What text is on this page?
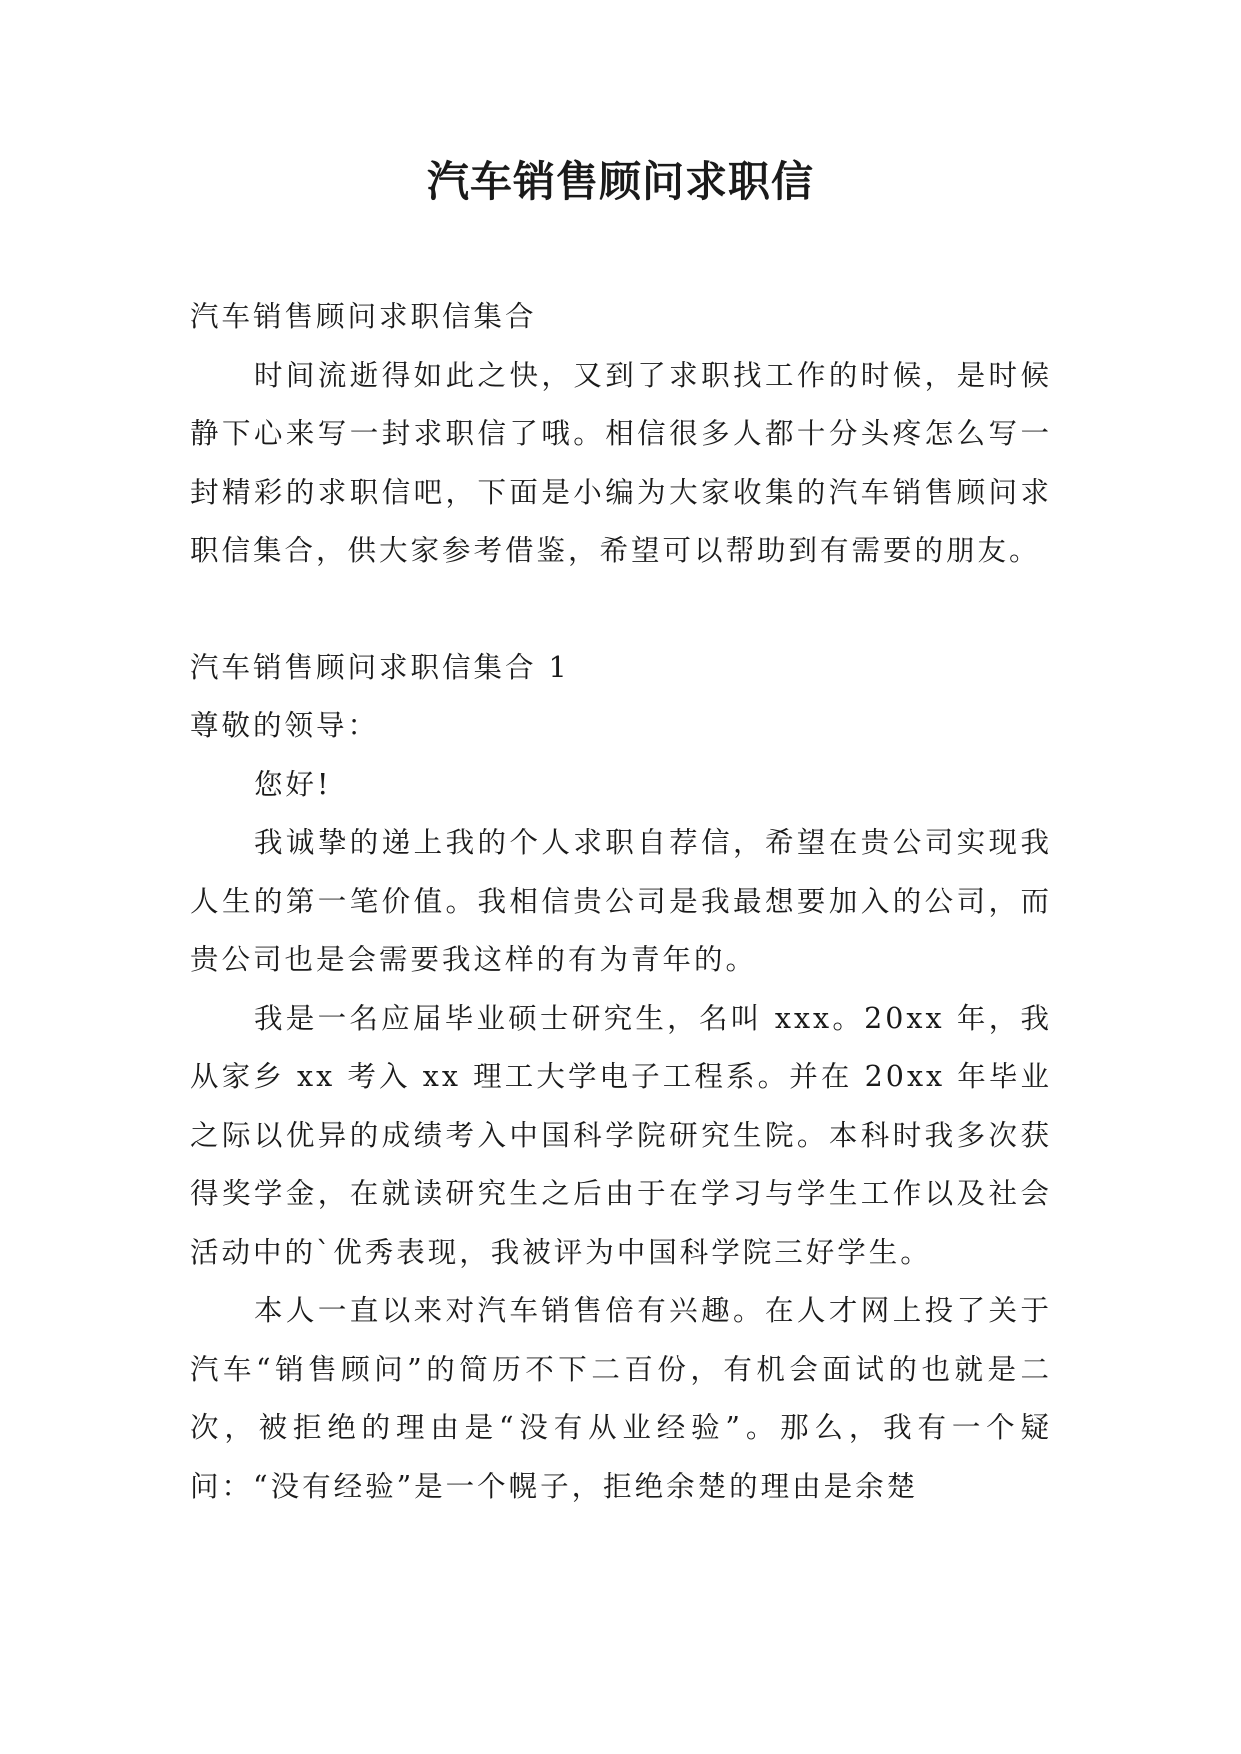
汽车销售顾问求职信

汽车销售顾问求职信集合

时间流逝得如此之快，又到了求职找工作的时候，是时候静下心来写一封求职信了哦。相信很多人都十分头疼怎么写一封精彩的求职信吧，下面是小编为大家收集的汽车销售顾问求职信集合，供大家参考借鉴，希望可以帮助到有需要的朋友。

汽车销售顾问求职信集合 1

尊敬的领导：

您好!

我诚挚的递上我的个人求职自荐信，希望在贵公司实现我人生的第一笔价值。我相信贵公司是我最想要加入的公司，而贵公司也是会需要我这样的有为青年的。

我是一名应届毕业硕士研究生，名叫 xxx。20xx 年，我从家乡 xx 考入 xx 理工大学电子工程系。并在 20xx 年毕业之际以优异的成绩考入中国科学院研究生院。本科时我多次获得奖学金，在就读研究生之后由于在学习与学生工作以及社会活动中的`优秀表现，我被评为中国科学院三好学生。

本人一直以来对汽车销售倍有兴趣。在人才网上投了关于汽车“销售顾问”的简历不下二百份，有机会面试的也就是二次，被拒绝的理由是“没有从业经验”。那么，我有一个疑问：“没有经验”是一个幌子，拒绝余楚的理由是余楚
